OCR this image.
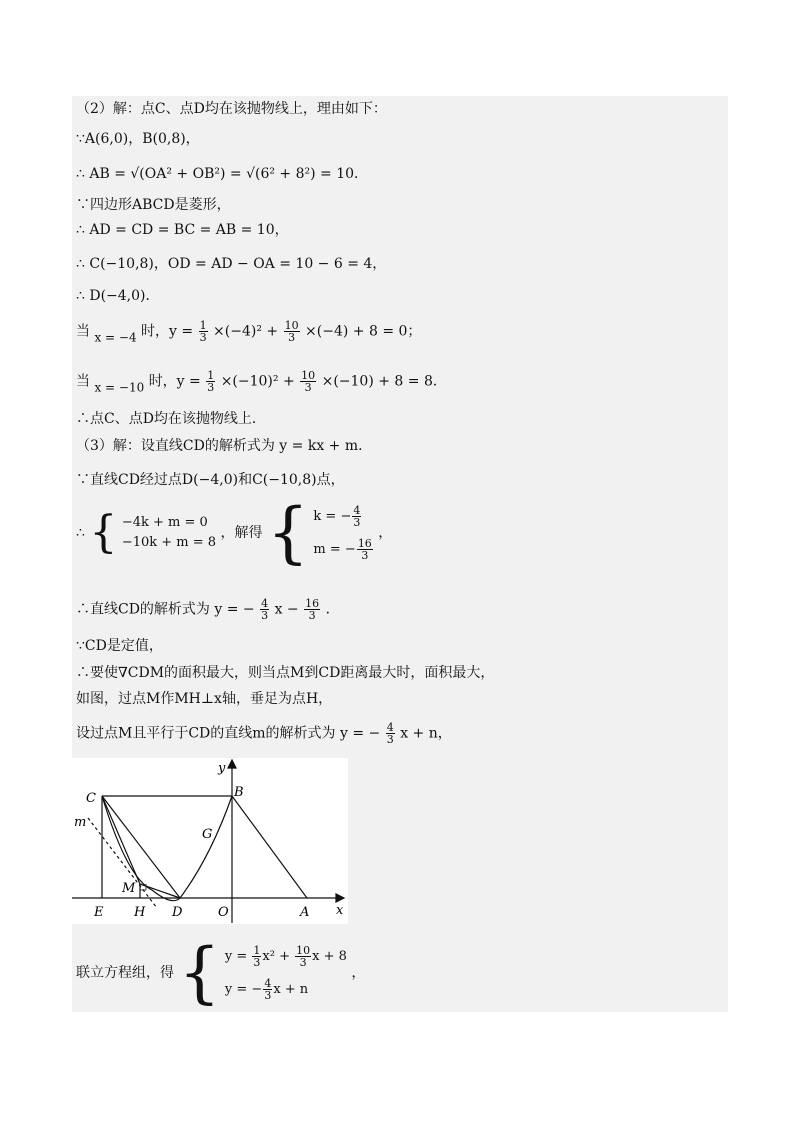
（2）解：点C、点D均在该抛物线上，理由如下：
∵A(6,0)，B(0,8)，
∴ AB = √(OA² + OB²) = √(6² + 8²) = 10．
∵四边形ABCD是菱形，
∴ AD = CD = BC = AB = 10，
∴ C(−10,8)，OD = AD − OA = 10 − 6 = 4，
∴ D(−4,0)．
当 x = −4 时，$y = \frac{1}{3} \times(-4)^2 + \frac{10}{3} \times(-4) + 8 = 0$；
当 x = −10 时，$y = \frac{1}{3} \times(-10)^2 + \frac{10}{3} \times(-10) + 8 = 8$．
∴点C、点D均在该抛物线上．
（3）解：设直线CD的解析式为 y = kx + m．
∵直线CD经过点D(−4,0)和C(−10,8)点，
∴ { −4k + m = 0
−10k + m = 8
，解得 { k = − $\frac{4}{3}$
m = − $\frac{16}{3}$
，
∴直线CD的解析式为 y = − $\frac{4}{3}$ $x - \frac{16}{3}$ ．
∵CD是定值，
∴要使∇CDM的面积最大，则当点M到CD距离最大时，面积最大，
如图，过点M作MH⊥x轴，垂足为点H，
设过点M且平行于CD的直线m的解析式为 y = − $\frac{4}{3}$ x + n，
C	B
G
m
M
E H D	O	A x
y
联立方程组，得 { $y = \frac{1}{3} x^2 + \frac{10}{3}$ x + 8
y = − $\frac{4}{3}$ x + n
，
